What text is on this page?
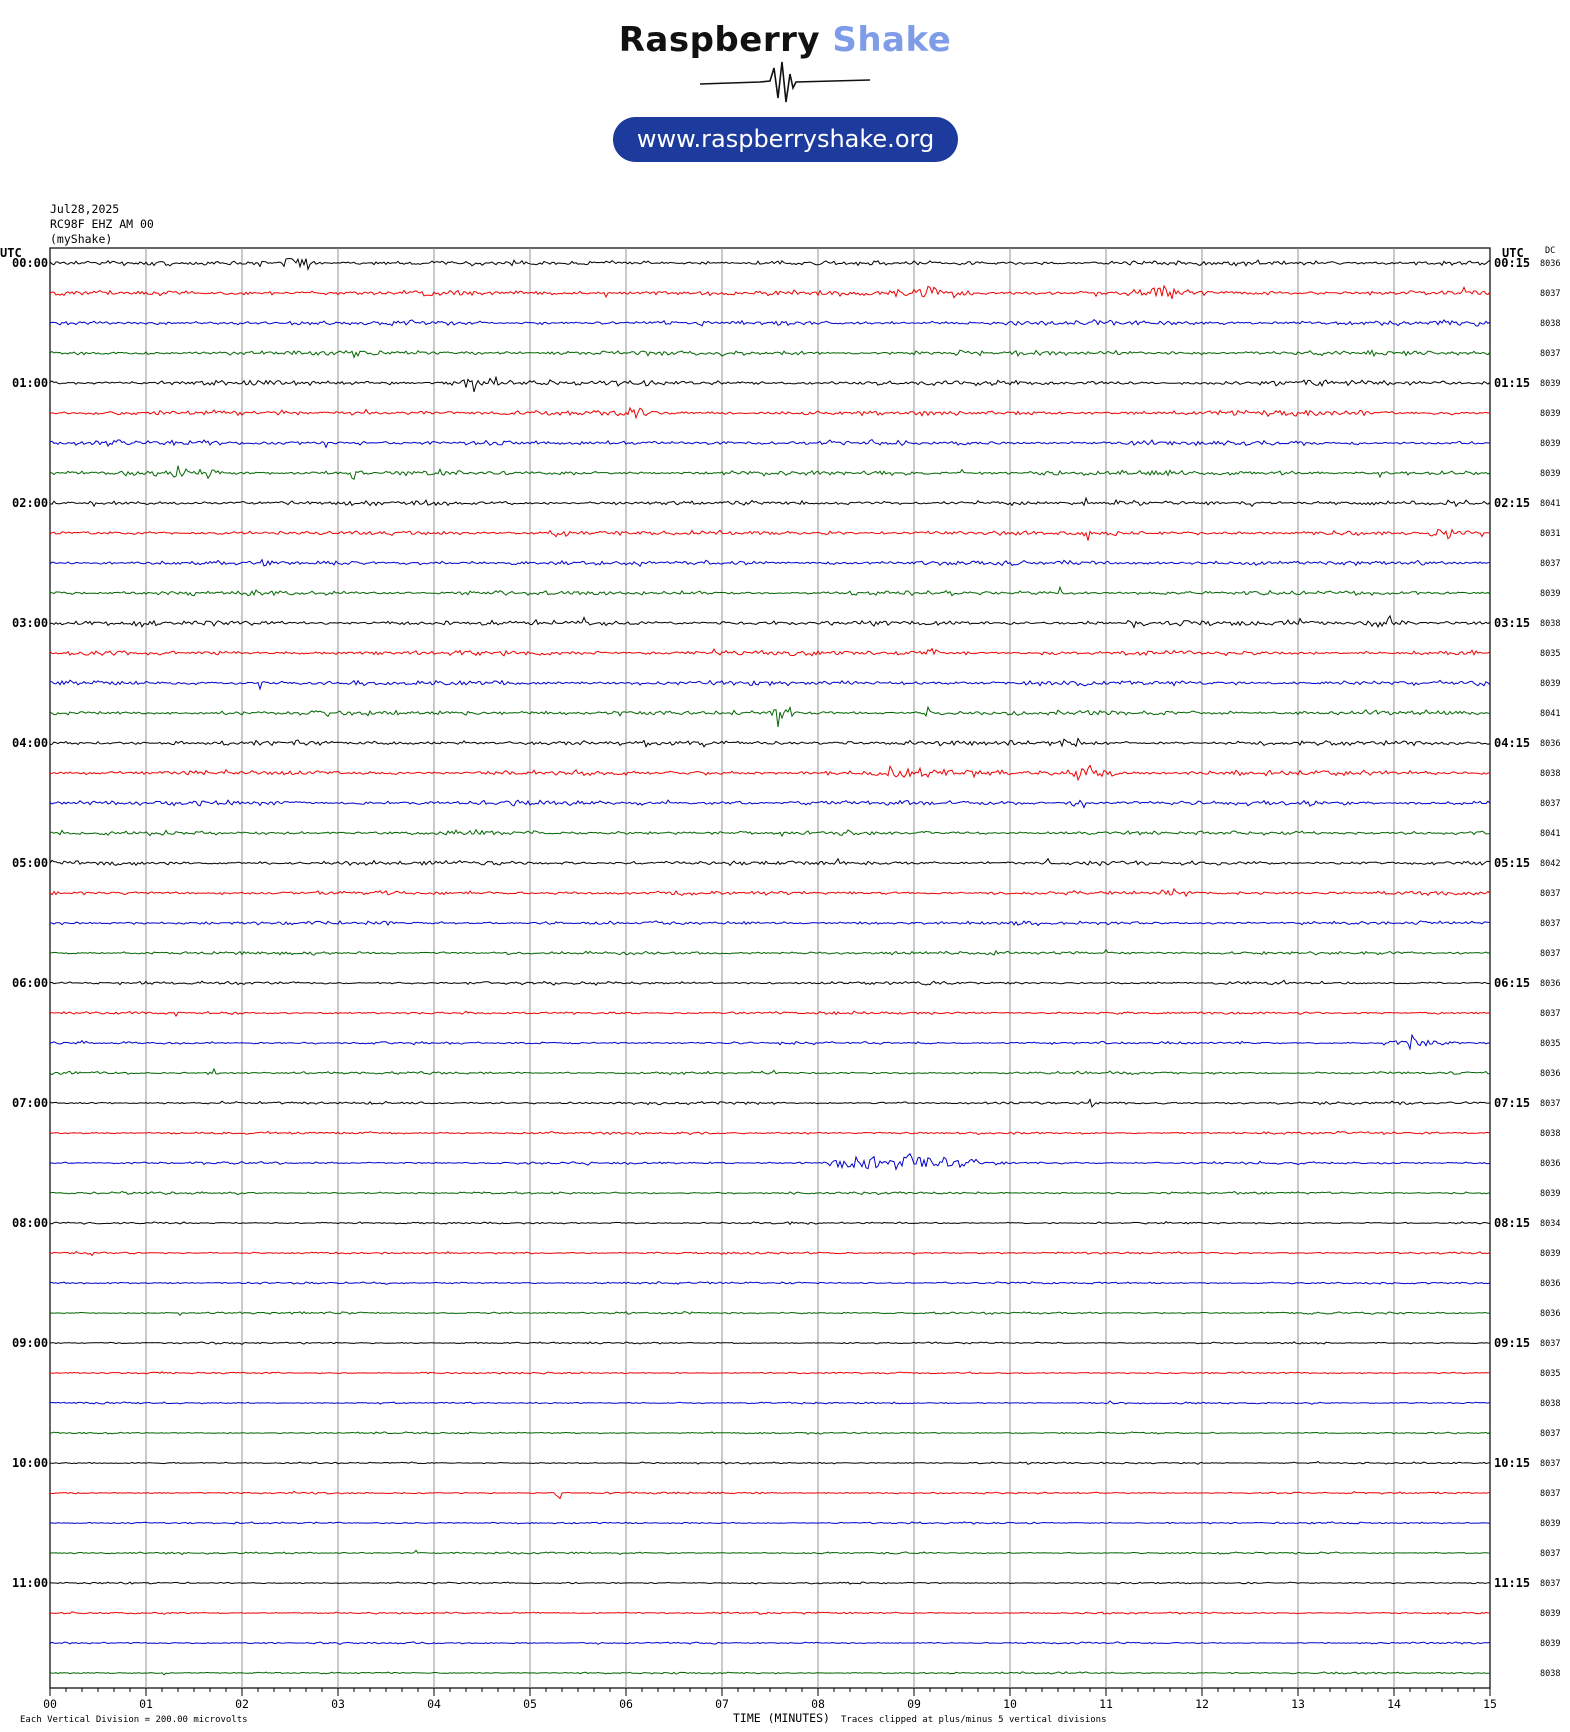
Raspberry Shake
www.raspberryshake.org
Jul28,2025
RC98F EHZ AM 00
(myShake)
00	01	02	03	04	05	06	07	08	09	10	11	12	13	14	15
8036
8037
8038
8037
8039
8039
8039
8039
8041
8031
8037
8039
8038
8035
8039
8041
8036
8038
8037
8041
8042
8037
8037
8037
8036
8037
8035
8036
8037
8038
8036
8039
8034
8039
8036
8036
8037
8035
8038
8037
8037
8037
8039
8037
8037
8039
8039
8038
00:00
01:00
02:00
03:00
04:00
05:00
06:00
07:00
08:00
09:00
10:00
11:00
00:15
01:15
02:15
03:15
04:15
05:15
06:15
07:15
08:15
09:15
10:15
11:15
UTC	UTC	DC
TIME (MINUTES)
Each Vertical Division = 200.00 microvolts	Traces clipped at plus/minus 5 vertical divisions
